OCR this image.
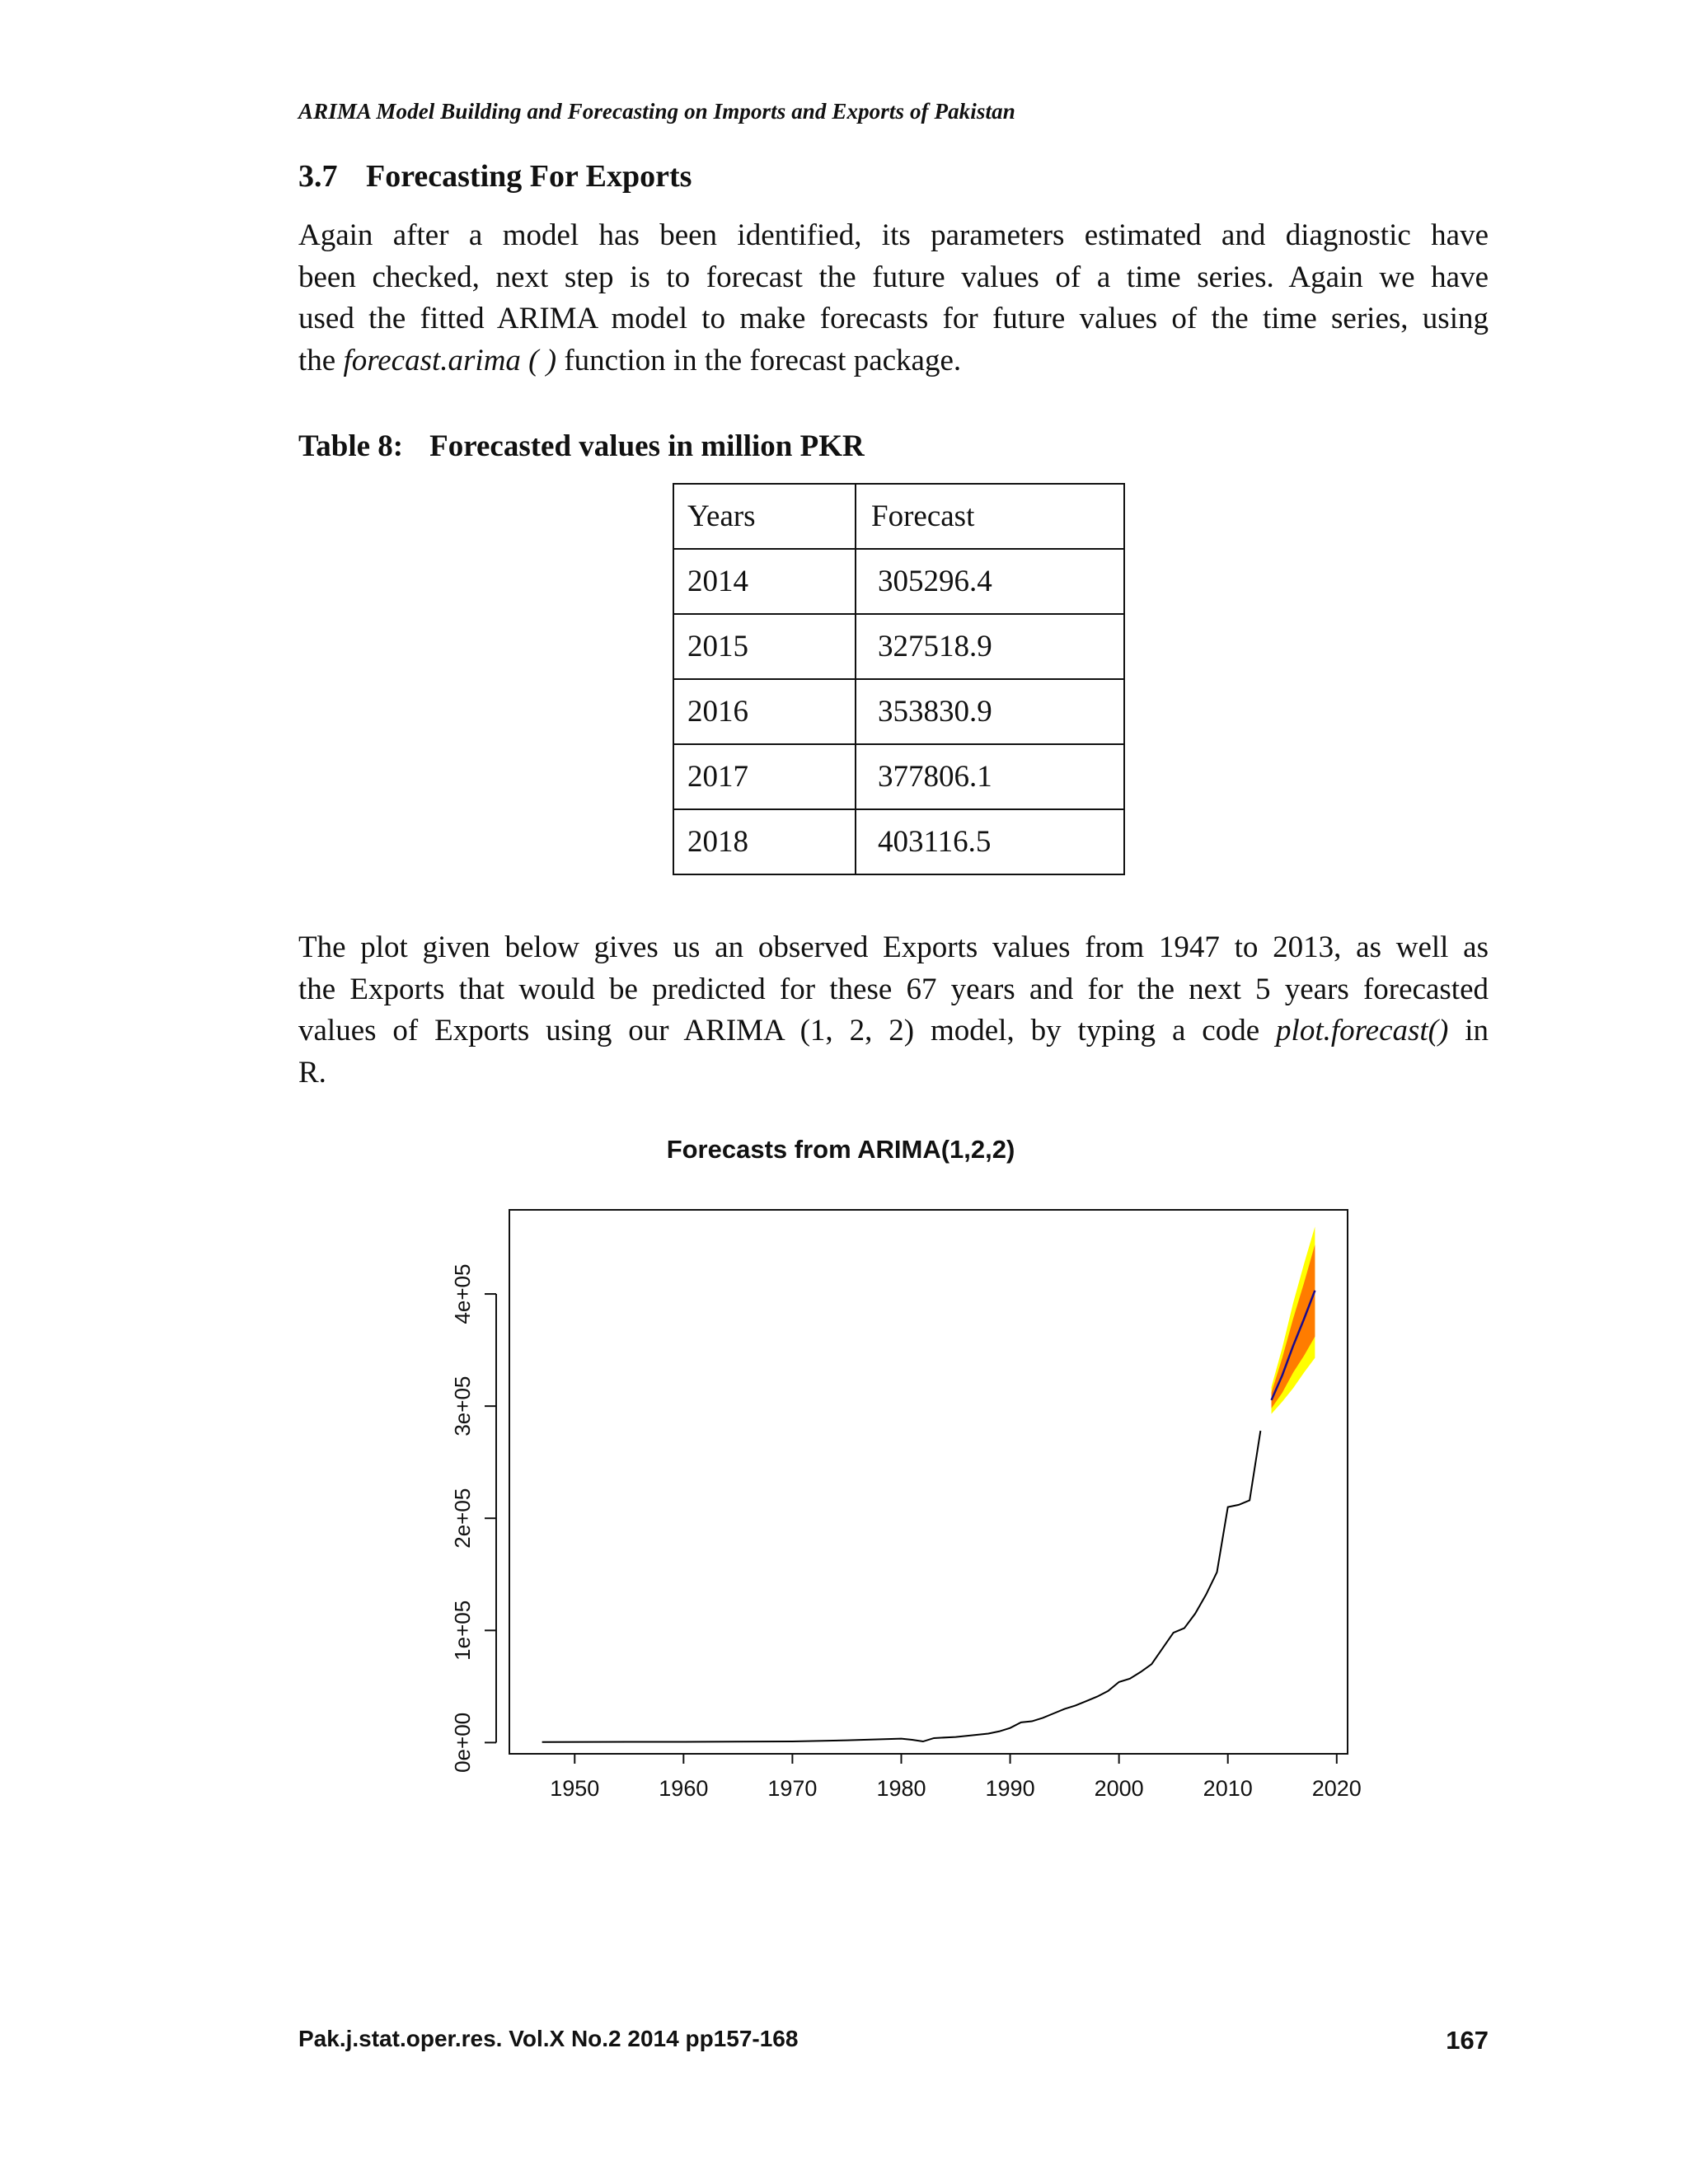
ARIMA Model Building and Forecasting on Imports and Exports of Pakistan
3.7 Forecasting For Exports
Again after a model has been identified, its parameters estimated and diagnostic have
been checked, next step is to forecast the future values of a time series. Again we have
used the fitted ARIMA model to make forecasts for future values of the time series, using
the forecast.arima ( ) function in the forecast package.
Table 8: Forecasted values in million PKR
Years	Forecast
2014	305296.4
2015	327518.9
2016	353830.9
2017	377806.1
2018	403116.5
The plot given below gives us an observed Exports values from 1947 to 2013, as well as
the Exports that would be predicted for these 67 years and for the next 5 years forecasted
values of Exports using our ARIMA (1, 2, 2) model, by typing a code plot.forecast() in
R.
Forecasts from ARIMA(1,2,2)
0e+00
1e+05
2e+05
3e+05
4e+05
1950	1960	1970	1980	1990	2000	2010	2020
Pak.j.stat.oper.res. Vol.X No.2 2014 pp157-168	167
